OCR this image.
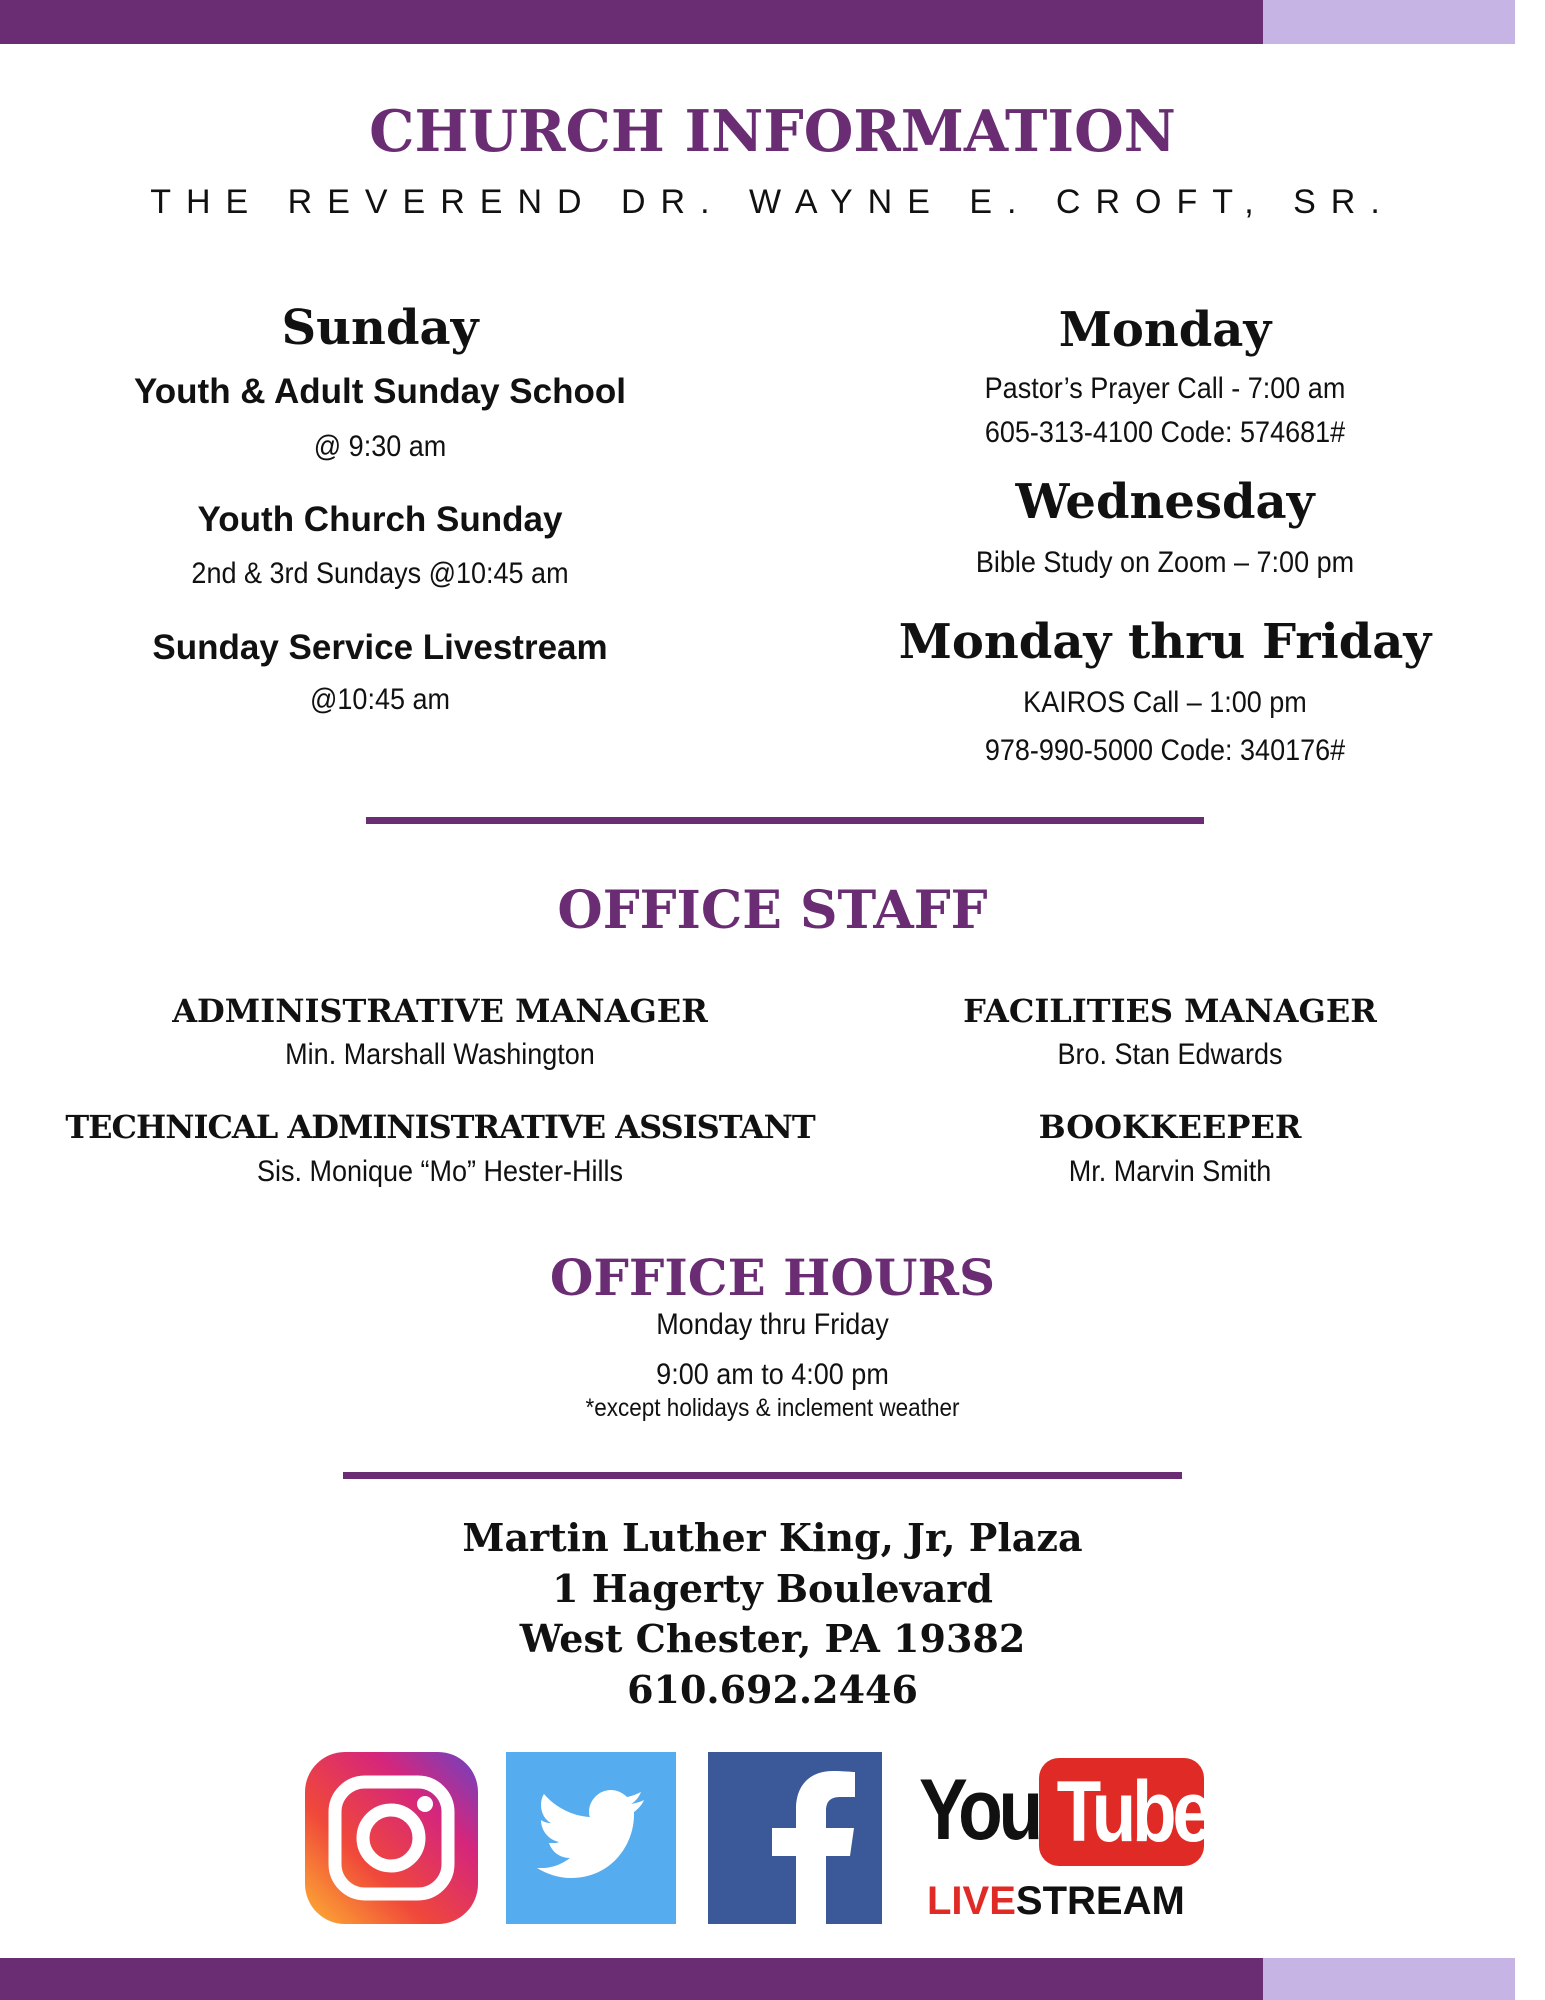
CHURCH INFORMATION
THE REVEREND DR. WAYNE E. CROFT, SR.
Sunday
Youth & Adult Sunday School
@ 9:30 am
Youth Church Sunday
2nd & 3rd Sundays @10:45 am
Sunday Service Livestream
@10:45 am
Monday
Pastor’s Prayer Call - 7:00 am
605-313-4100 Code: 574681#
Wednesday
Bible Study on Zoom – 7:00 pm
Monday thru Friday
KAIROS Call – 1:00 pm
978-990-5000 Code: 340176#
OFFICE STAFF
ADMINISTRATIVE MANAGER
Min. Marshall Washington
FACILITIES MANAGER
Bro. Stan Edwards
TECHNICAL ADMINISTRATIVE ASSISTANT
Sis. Monique “Mo” Hester-Hills
BOOKKEEPER
Mr. Marvin Smith
OFFICE HOURS
Monday thru Friday
9:00 am to 4:00 pm
*except holidays & inclement weather
Martin Luther King, Jr, Plaza
1 Hagerty Boulevard
West Chester, PA 19382
610.692.2446
You Tube
LIVESTREAM
